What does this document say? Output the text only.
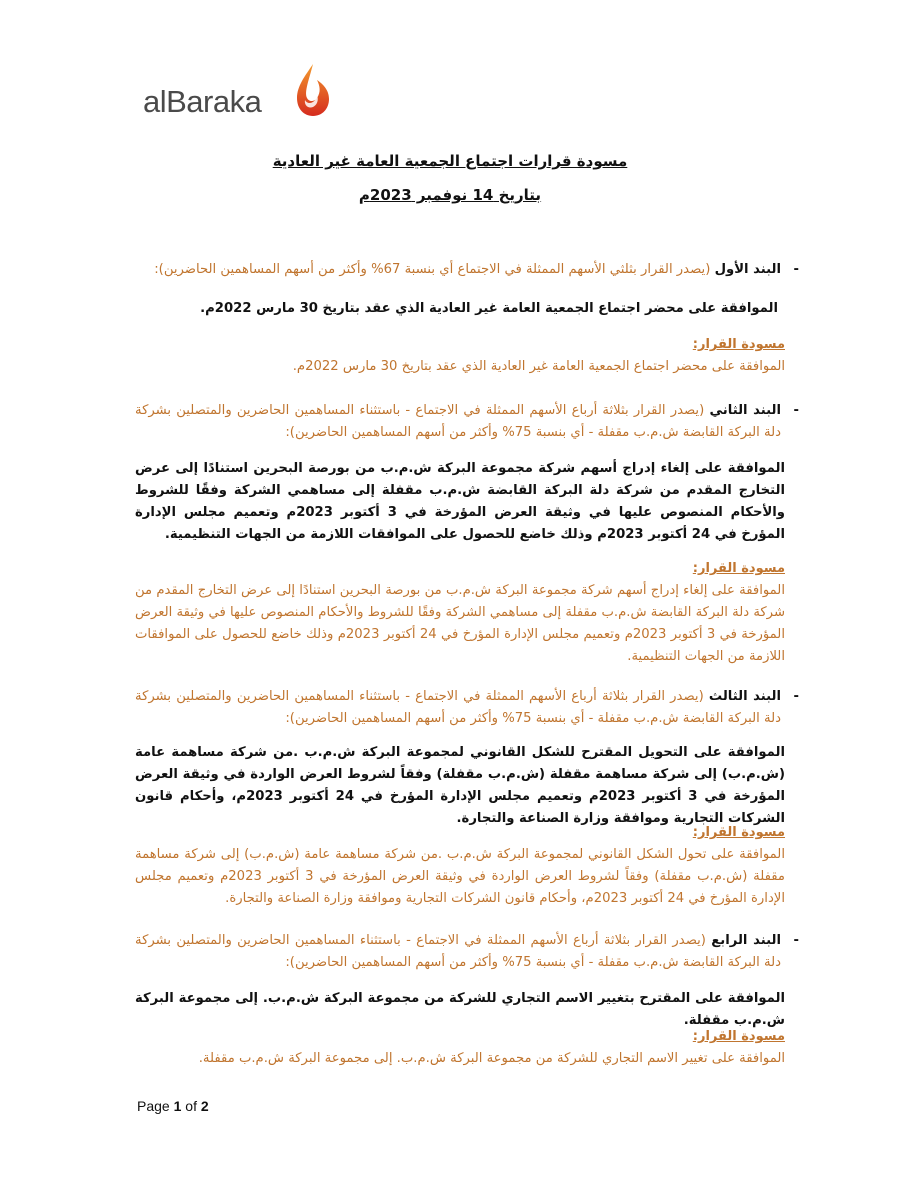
alBaraka
مسودة قرارات اجتماع الجمعية العامة غير العادية
بتاريخ 14 نوفمبر 2023م
-
البند الأول (يصدر القرار بثلثي الأسهم الممثلة في الاجتماع أي بنسبة 67% وأكثر من أسهم المساهمين الحاضرين):
الموافقة على محضر اجتماع الجمعية العامة غير العادية الذي عقد بتاريخ 30 مارس 2022م.
مسودة القرار:
الموافقة على محضر اجتماع الجمعية العامة غير العادية الذي عقد بتاريخ 30 مارس 2022م.
-
البند الثاني (يصدر القرار بثلاثة أرباع الأسهم الممثلة في الاجتماع - باستثناء المساهمين الحاضرين والمتصلين بشركة دلة البركة القابضة ش.م.ب مقفلة - أي بنسبة 75% وأكثر من أسهم المساهمين الحاضرين):
الموافقة على إلغاء إدراج أسهم شركة مجموعة البركة ش.م.ب من بورصة البحرين استنادًا إلى عرض التخارج المقدم من شركة دلة البركة القابضة ش.م.ب مقفلة إلى مساهمي الشركة وفقًا للشروط والأحكام المنصوص عليها في وثيقة العرض المؤرخة في 3 أكتوبر 2023م وتعميم مجلس الإدارة المؤرخ في 24 أكتوبر 2023م وذلك خاضع للحصول على الموافقات اللازمة من الجهات التنظيمية.
مسودة القرار:
الموافقة على إلغاء إدراج أسهم شركة مجموعة البركة ش.م.ب من بورصة البحرين استنادًا إلى عرض التخارج المقدم من شركة دلة البركة القابضة ش.م.ب مقفلة إلى مساهمي الشركة وفقًا للشروط والأحكام المنصوص عليها في وثيقة العرض المؤرخة في 3 أكتوبر 2023م وتعميم مجلس الإدارة المؤرخ في 24 أكتوبر 2023م وذلك خاضع للحصول على الموافقات اللازمة من الجهات التنظيمية.
-
البند الثالث (يصدر القرار بثلاثة أرباع الأسهم الممثلة في الاجتماع - باستثناء المساهمين الحاضرين والمتصلين بشركة دلة البركة القابضة ش.م.ب مقفلة - أي بنسبة 75% وأكثر من أسهم المساهمين الحاضرين):
الموافقة على التحويل المقترح للشكل القانوني لمجموعة البركة ش.م.ب .من شركة مساهمة عامة (ش.م.ب) إلى شركة مساهمة مقفلة (ش.م.ب مقفلة) وفقاً لشروط العرض الواردة في وثيقة العرض المؤرخة في 3 أكتوبر 2023م وتعميم مجلس الإدارة المؤرخ في 24 أكتوبر 2023م، وأحكام قانون الشركات التجارية وموافقة وزارة الصناعة والتجارة.
مسودة القرار:
الموافقة على تحول الشكل القانوني لمجموعة البركة ش.م.ب .من شركة مساهمة عامة (ش.م.ب) إلى شركة مساهمة مقفلة (ش.م.ب مقفلة) وفقاً لشروط العرض الواردة في وثيقة العرض المؤرخة في 3 أكتوبر 2023م وتعميم مجلس الإدارة المؤرخ في 24 أكتوبر 2023م، وأحكام قانون الشركات التجارية وموافقة وزارة الصناعة والتجارة.
-
البند الرابع (يصدر القرار بثلاثة أرباع الأسهم الممثلة في الاجتماع - باستثناء المساهمين الحاضرين والمتصلين بشركة دلة البركة القابضة ش.م.ب مقفلة - أي بنسبة 75% وأكثر من أسهم المساهمين الحاضرين):
الموافقة على المقترح بتغيير الاسم التجاري للشركة من مجموعة البركة ش.م.ب. إلى مجموعة البركة ش.م.ب مقفلة.
مسودة القرار:
الموافقة على تغيير الاسم التجاري للشركة من مجموعة البركة ش.م.ب. إلى مجموعة البركة ش.م.ب مقفلة.
Page 1 of 2
